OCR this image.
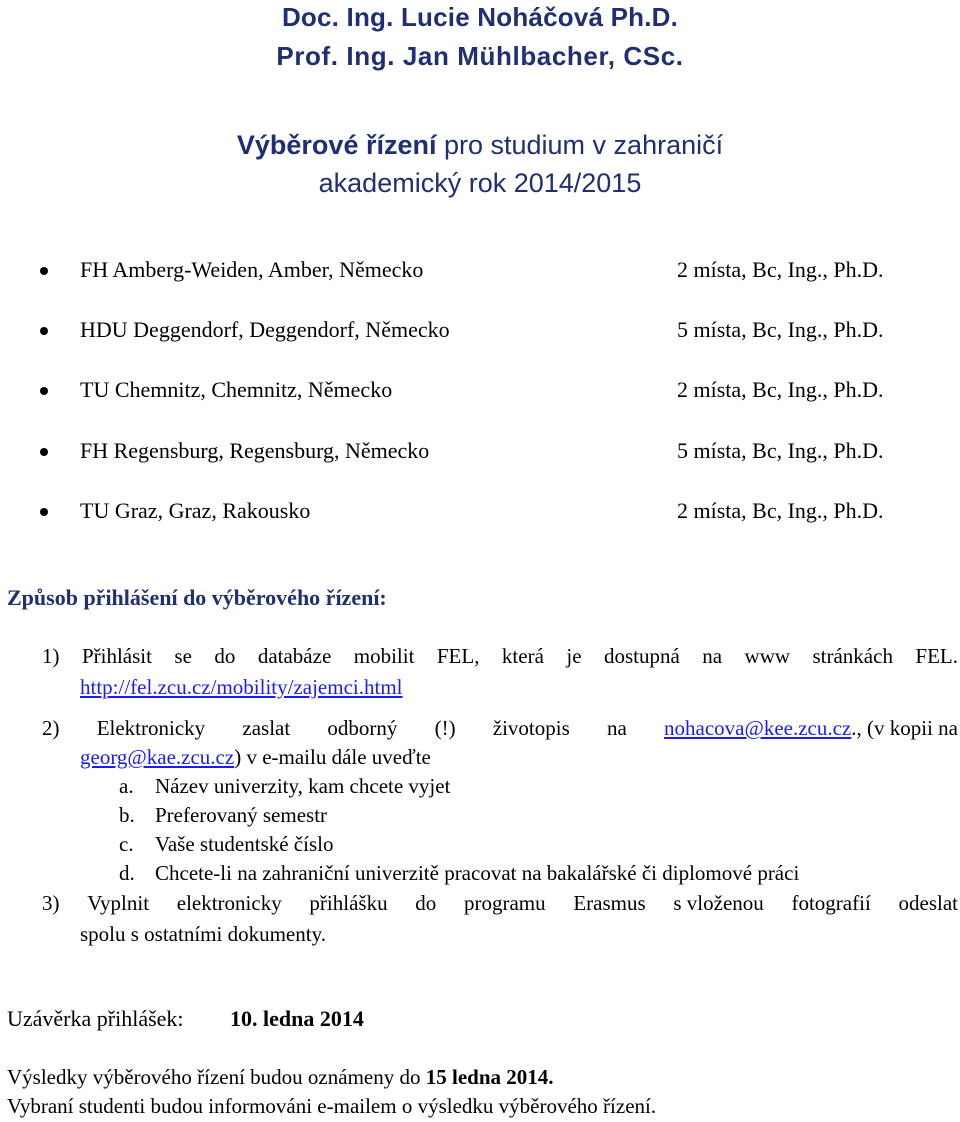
Doc. Ing. Lucie Noháčová Ph.D.
Prof. Ing. Jan Mühlbacher, CSc.
Výběrové řízení pro studium v zahraničí
akademický rok 2014/2015
FH Amberg-Weiden, Amber, Německo	2 místa, Bc, Ing., Ph.D.
HDU Deggendorf, Deggendorf, Německo	5 místa, Bc, Ing., Ph.D.
TU Chemnitz, Chemnitz, Německo	2 místa, Bc, Ing., Ph.D.
FH Regensburg, Regensburg, Německo	5 místa, Bc, Ing., Ph.D.
TU Graz, Graz, Rakousko	2 místa, Bc, Ing., Ph.D.
Způsob přihlášení do výběrového řízení:
1) Přihlásit se do databáze mobilit FEL, která je dostupná na www stránkách FEL.
http://fel.zcu.cz/mobility/zajemci.html
2) Elektronicky zaslat odborný (!) životopis na nohacova@kee.zcu.cz., (v kopii na
georg@kae.zcu.cz) v e-mailu dále uveďte
a. Název univerzity, kam chcete vyjet
b. Preferovaný semestr
c. Vaše studentské číslo
d. Chcete-li na zahraniční univerzitě pracovat na bakalářské či diplomové práci
3) Vyplnit elektronicky přihlášku do programu Erasmus s vloženou fotografií odeslat
spolu s ostatními dokumenty.
Uzávěrka přihlášek: 10. ledna 2014
Výsledky výběrového řízení budou oznámeny do 15 ledna 2014.
Vybraní studenti budou informováni e-mailem o výsledku výběrového řízení.
